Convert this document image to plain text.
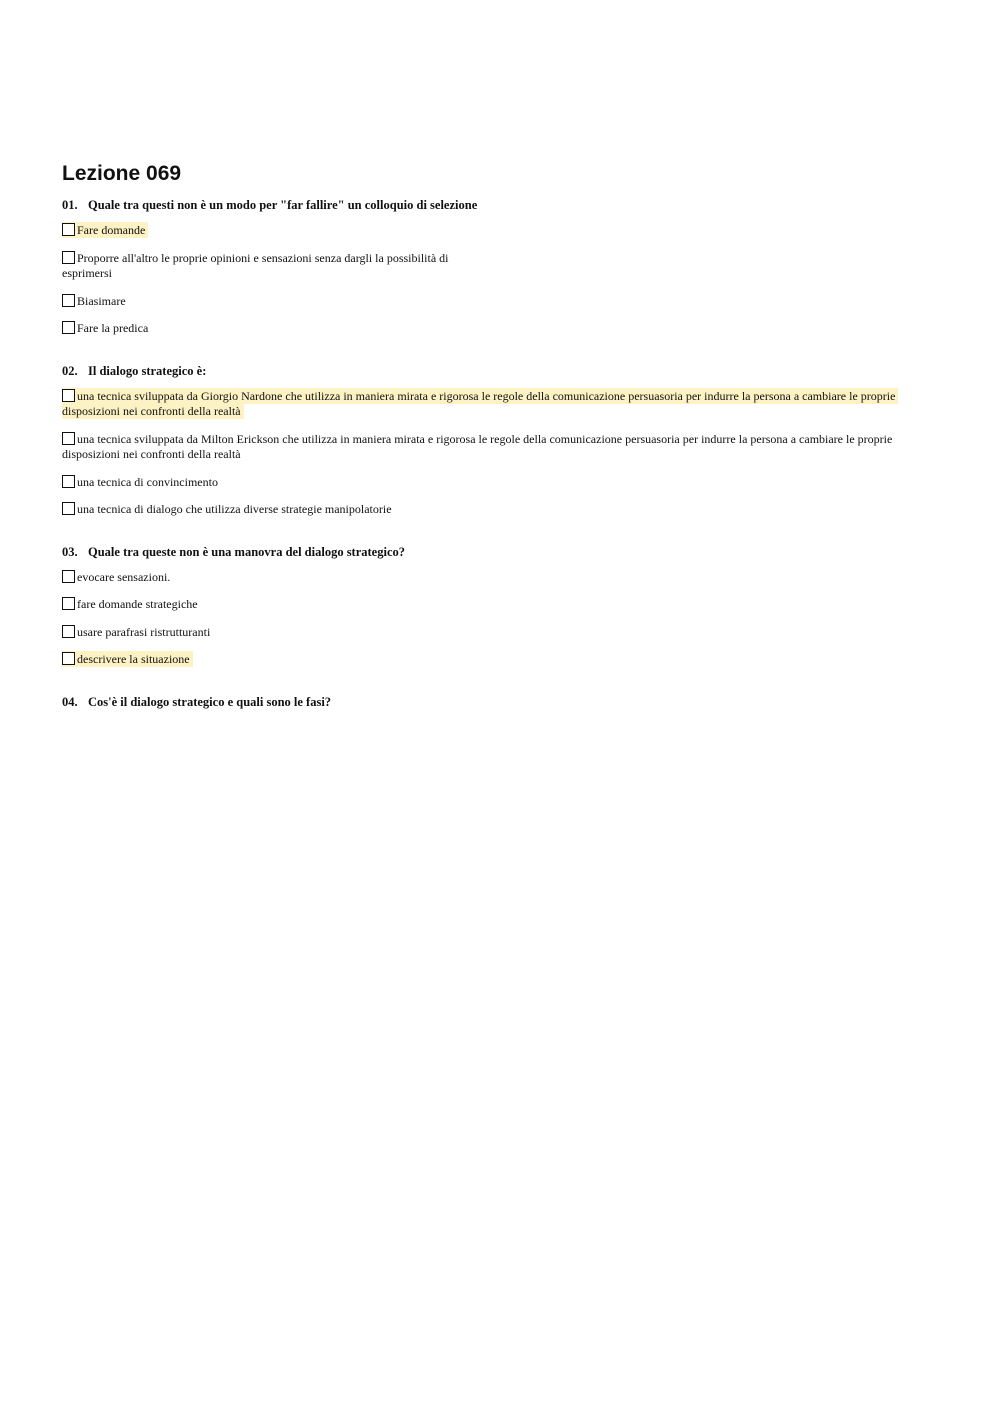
Lezione 069
01. Quale tra questi non è un modo per "far fallire" un colloquio di selezione
Fare domande
Proporre all'altro le proprie opinioni e sensazioni senza dargli la possibilità di esprimersi
Biasimare
Fare la predica
02. Il dialogo strategico è:
una tecnica sviluppata da Giorgio Nardone che utilizza in maniera mirata e rigorosa le regole della comunicazione persuasoria per indurre la persona a cambiare le proprie disposizioni nei confronti della realtà
una tecnica sviluppata da Milton Erickson che utilizza in maniera mirata e rigorosa le regole della comunicazione persuasoria per indurre la persona a cambiare le proprie disposizioni nei confronti della realtà
una tecnica di convincimento
una tecnica di dialogo che utilizza diverse strategie manipolatorie
03. Quale tra queste non è una manovra del dialogo strategico?
evocare sensazioni.
fare domande strategiche
usare parafrasi ristrutturanti
descrivere la situazione
04. Cos'è il dialogo strategico e quali sono le fasi?
